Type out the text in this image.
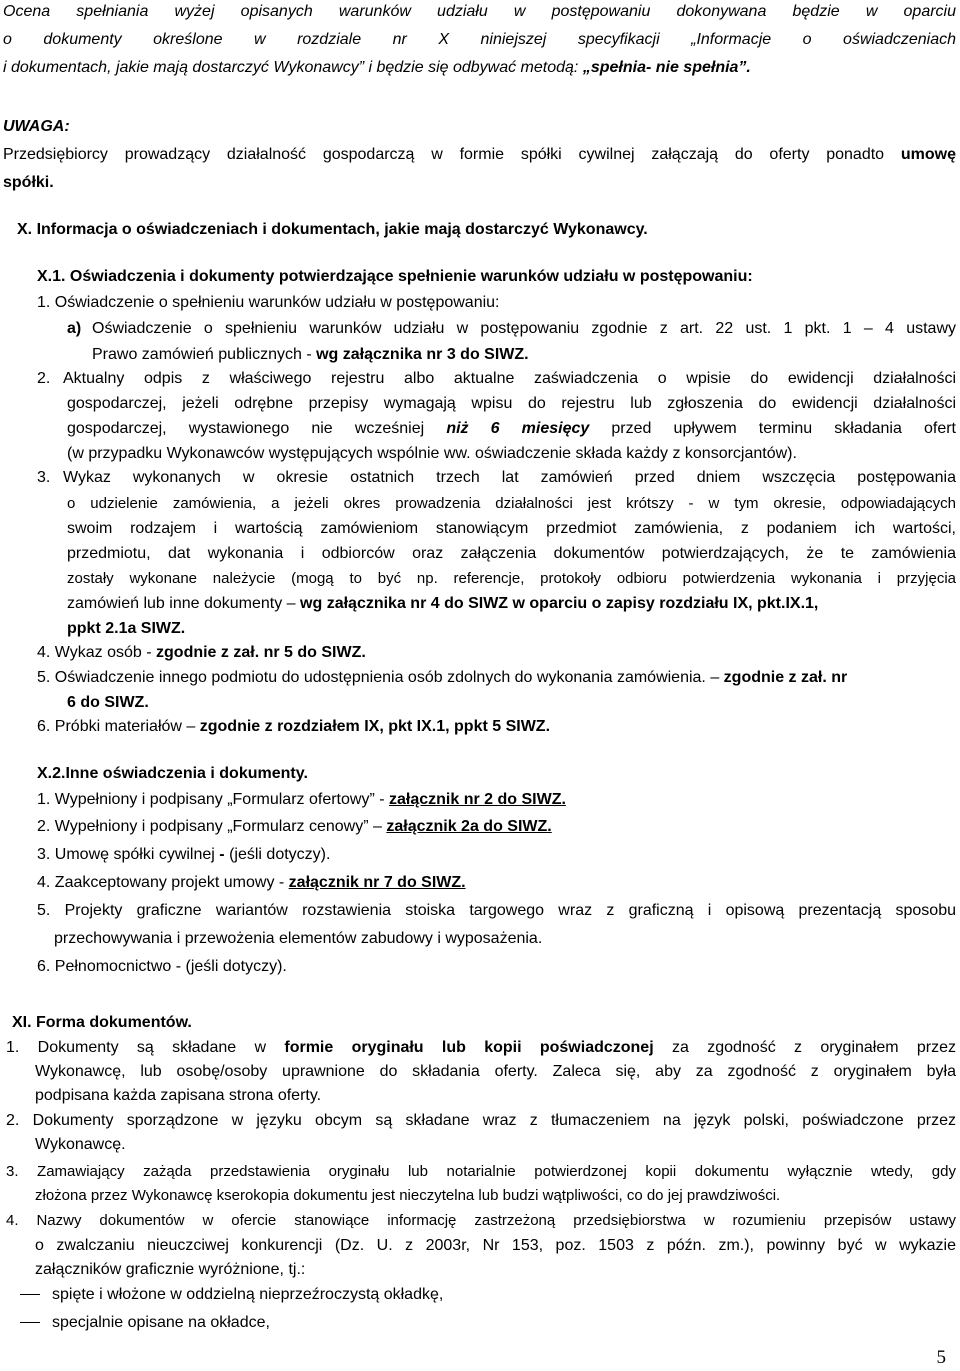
Ocena spełniania wyżej opisanych warunków udziału w postępowaniu dokonywana będzie w oparciu
o dokumenty określone w rozdziale nr X niniejszej specyfikacji „Informacje o oświadczeniach
i dokumentach, jakie mają dostarczyć Wykonawcy” i będzie się odbywać metodą: „spełnia- nie spełnia”.
UWAGA:
Przedsiębiorcy prowadzący działalność gospodarczą w formie spółki cywilnej załączają do oferty ponadto umowę
spółki.
X. Informacja o oświadczeniach i dokumentach, jakie mają dostarczyć Wykonawcy.
X.1. Oświadczenia i dokumenty potwierdzające spełnienie warunków udziału w postępowaniu:
1. Oświadczenie o spełnieniu warunków udziału w postępowaniu:
a) Oświadczenie o spełnieniu warunków udziału w postępowaniu zgodnie z art. 22 ust. 1 pkt. 1 – 4 ustawy
Prawo zamówień publicznych - wg załącznika nr 3 do SIWZ.
2. Aktualny odpis z właściwego rejestru albo aktualne zaświadczenia o wpisie do ewidencji działalności
gospodarczej, jeżeli odrębne przepisy wymagają wpisu do rejestru lub zgłoszenia do ewidencji działalności
gospodarczej, wystawionego nie wcześniej niż 6 miesięcy przed upływem terminu składania ofert
(w przypadku Wykonawców występujących wspólnie ww. oświadczenie składa każdy z konsorcjantów).
3. Wykaz wykonanych w okresie ostatnich trzech lat zamówień przed dniem wszczęcia postępowania
o udzielenie zamówienia, a jeżeli okres prowadzenia działalności jest krótszy - w tym okresie, odpowiadających
swoim rodzajem i wartością zamówieniom stanowiącym przedmiot zamówienia, z podaniem ich wartości,
przedmiotu, dat wykonania i odbiorców oraz załączenia dokumentów potwierdzających, że te zamówienia
zostały wykonane należycie (mogą to być np. referencje, protokoły odbioru potwierdzenia wykonania i przyjęcia
zamówień lub inne dokumenty – wg załącznika nr 4 do SIWZ w oparciu o zapisy rozdziału IX, pkt.IX.1,
ppkt 2.1a SIWZ.
4. Wykaz osób - zgodnie z zał. nr 5 do SIWZ.
5. Oświadczenie innego podmiotu do udostępnienia osób zdolnych do wykonania zamówienia. – zgodnie z zał. nr
6 do SIWZ.
6. Próbki materiałów – zgodnie z rozdziałem IX, pkt IX.1, ppkt 5 SIWZ.
X.2.Inne oświadczenia i dokumenty.
1. Wypełniony i podpisany „Formularz ofertowy” - załącznik nr 2 do SIWZ.
2. Wypełniony i podpisany „Formularz cenowy” – załącznik 2a do SIWZ.
3. Umowę spółki cywilnej - (jeśli dotyczy).
4. Zaakceptowany projekt umowy - załącznik nr 7 do SIWZ.
5. Projekty graficzne wariantów rozstawienia stoiska targowego wraz z graficzną i opisową prezentacją sposobu
przechowywania i przewożenia elementów zabudowy i wyposażenia.
6. Pełnomocnictwo - (jeśli dotyczy).
XI. Forma dokumentów.
1. Dokumenty są składane w formie oryginału lub kopii poświadczonej za zgodność z oryginałem przez
Wykonawcę, lub osobę/osoby uprawnione do składania oferty. Zaleca się, aby za zgodność z oryginałem była
podpisana każda zapisana strona oferty.
2. Dokumenty sporządzone w języku obcym są składane wraz z tłumaczeniem na język polski, poświadczone przez
Wykonawcę.
3. Zamawiający zażąda przedstawienia oryginału lub notarialnie potwierdzonej kopii dokumentu wyłącznie wtedy, gdy
złożona przez Wykonawcę kserokopia dokumentu jest nieczytelna lub budzi wątpliwości, co do jej prawdziwości.
4. Nazwy dokumentów w ofercie stanowiące informację zastrzeżoną przedsiębiorstwa w rozumieniu przepisów ustawy
o zwalczaniu nieuczciwej konkurencji (Dz. U. z 2003r, Nr 153, poz. 1503 z późn. zm.), powinny być w wykazie
załączników graficznie wyróżnione, tj.:
spięte i włożone w oddzielną nieprzeźroczystą okładkę,
specjalnie opisane na okładce,
5
